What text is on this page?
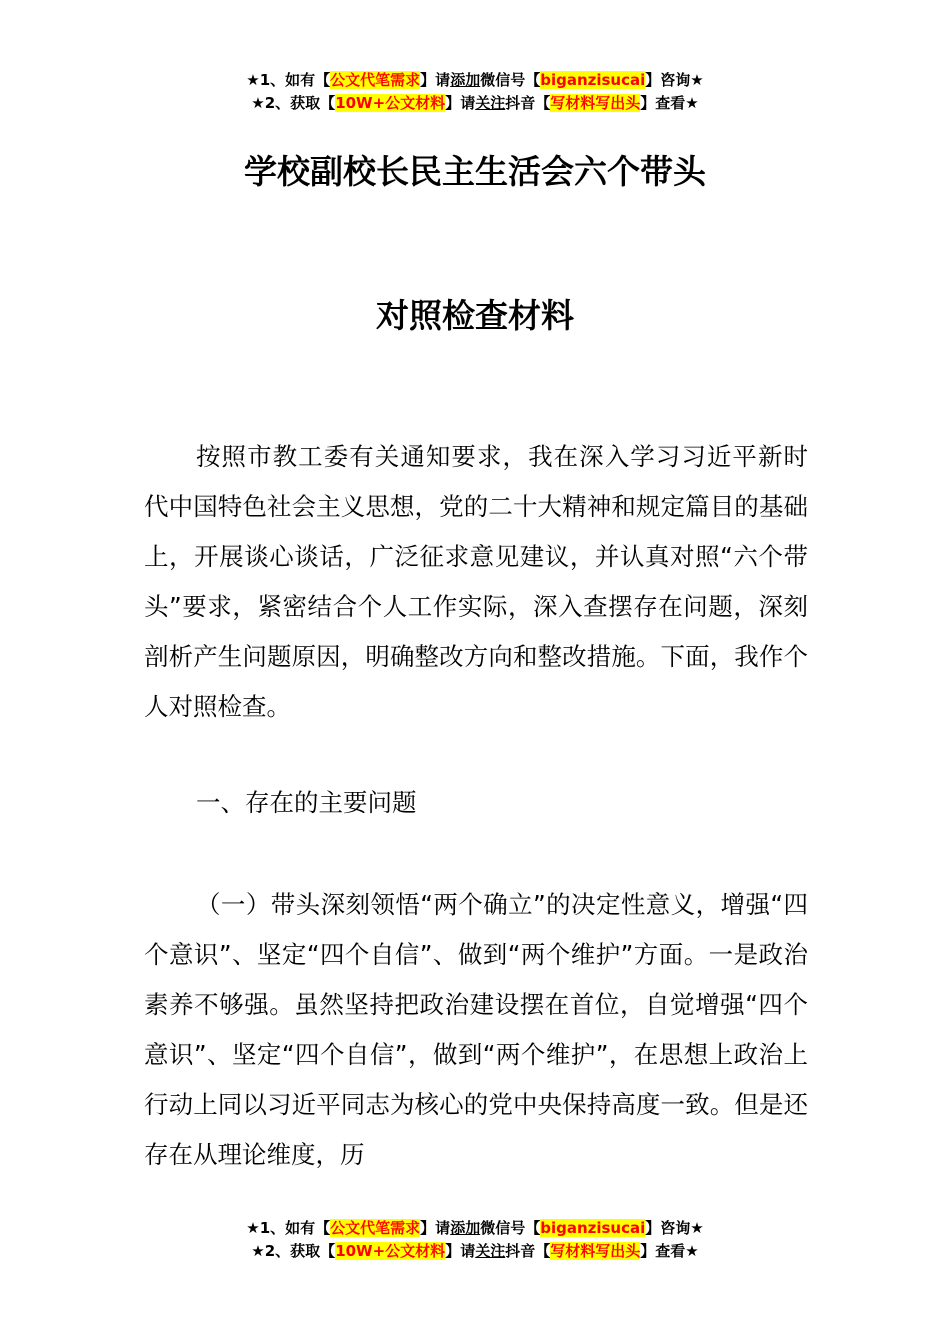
★1、如有【公文代笔需求】请添加微信号【biganzisucai】咨询★
★2、获取【10W+公文材料】请关注抖音【写材料写出头】查看★
学校副校长民主生活会六个带头
对照检查材料

按照市教工委有关通知要求，我在深入学习习近平新时代中国特色社会主义思想，党的二十大精神和规定篇目的基础上，开展谈心谈话，广泛征求意见建议，并认真对照“六个带头”要求，紧密结合个人工作实际，深入查摆存在问题，深刻剖析产生问题原因，明确整改方向和整改措施。下面，我作个人对照检查。

一、存在的主要问题

（一）带头深刻领悟“两个确立”的决定性意义，增强“四个意识”、坚定“四个自信”、做到“两个维护”方面。一是政治素养不够强。虽然坚持把政治建设摆在首位，自觉增强“四个意识”、坚定“四个自信”，做到“两个维护”，在思想上政治上行动上同以习近平同志为核心的党中央保持高度一致。但是还存在从理论维度，历

★1、如有【公文代笔需求】请添加微信号【biganzisucai】咨询★
★2、获取【10W+公文材料】请关注抖音【写材料写出头】查看★
